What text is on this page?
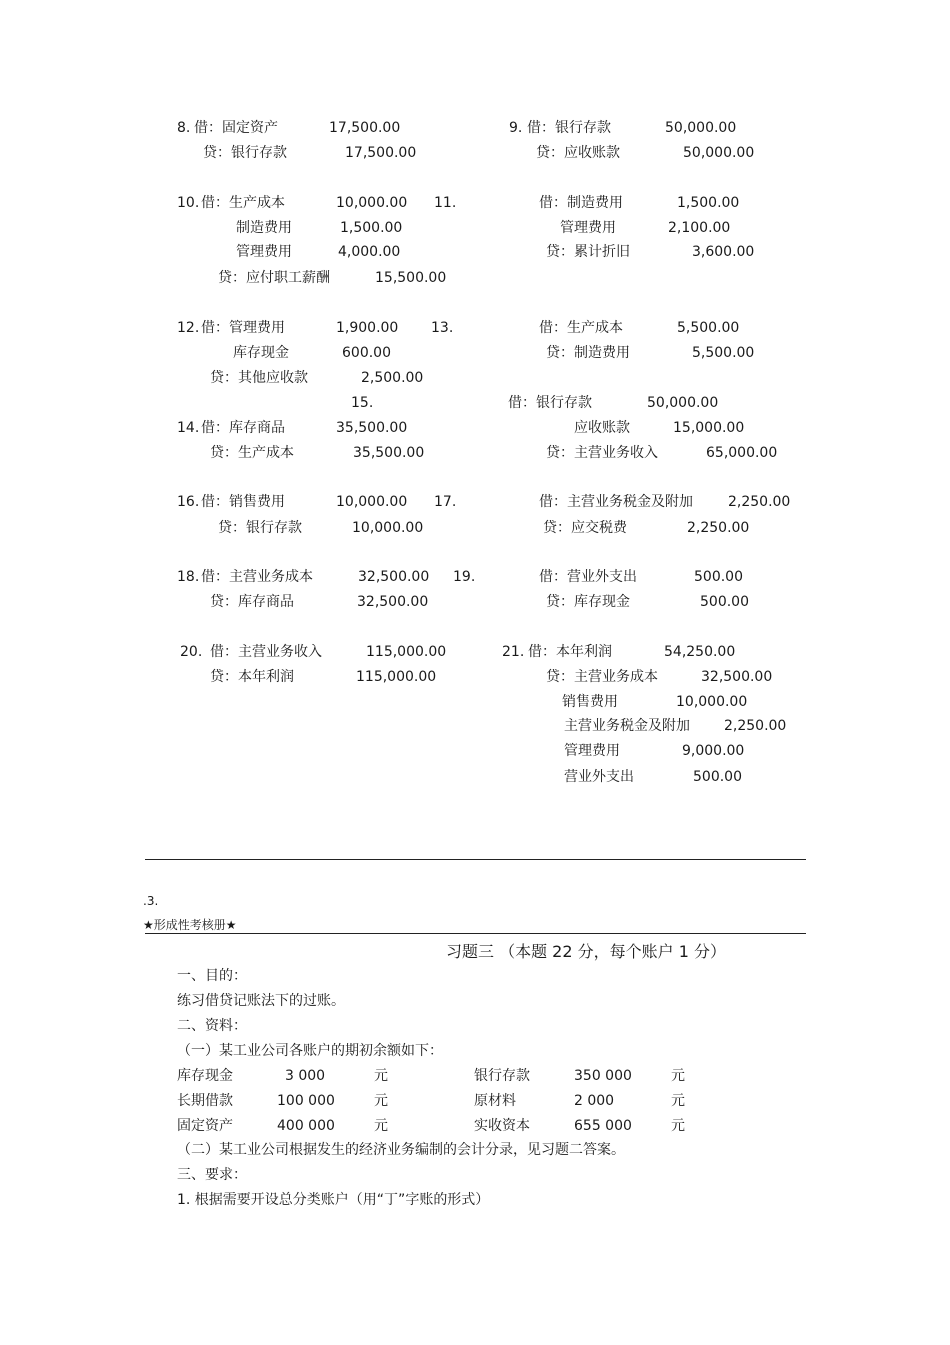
8. 借：固定资产	17,500.00
贷：银行存款	17,500.00
9. 借：银行存款	50,000.00
贷：应收账款	50,000.00
10. 借：生产成本	10,000.00
制造费用	1,500.00
管理费用	4,000.00
贷：应付职工薪酬	15,500.00
11.	借：制造费用	1,500.00
管理费用	2,100.00
贷：累计折旧	3,600.00
12. 借：管理费用	1,900.00
库存现金	600.00
贷：其他应收款	2,500.00
13.	借：生产成本	5,500.00
贷：制造费用	5,500.00
15.	借：银行存款	50,000.00
应收账款	15,000.00
贷：主营业务收入	65,000.00
14. 借：库存商品	35,500.00
贷：生产成本	35,500.00
16. 借：销售费用	10,000.00
贷：银行存款	10,000.00
17.	借：主营业务税金及附加	2,250.00
贷：应交税费	2,250.00
18. 借：主营业务成本	32,500.00
贷：库存商品	32,500.00
19.	借：营业外支出	500.00
贷：库存现金	500.00
20. 借：主营业务收入	115,000.00
贷：本年利润	115,000.00
21. 借：本年利润	54,250.00
贷：主营业务成本	32,500.00
销售费用	10,000.00
主营业务税金及附加 2,250.00
管理费用	9,000.00
营业外支出	500.00
.3.
★形成性考核册★
习题三 （本题 22 分，每个账户 1 分）
一、目的：
练习借贷记账法下的过账。
二、资料：
（一）某工业公司各账户的期初余额如下：
库存现金	3 000	元	银行存款	350 000	元
长期借款	100 000	元	原材料	2 000	元
固定资产	400 000	元	实收资本	655 000	元
（二）某工业公司根据发生的经济业务编制的会计分录，见习题二答案。
三、要求：
1. 根据需要开设总分类账户（用“丁”字账的形式）
